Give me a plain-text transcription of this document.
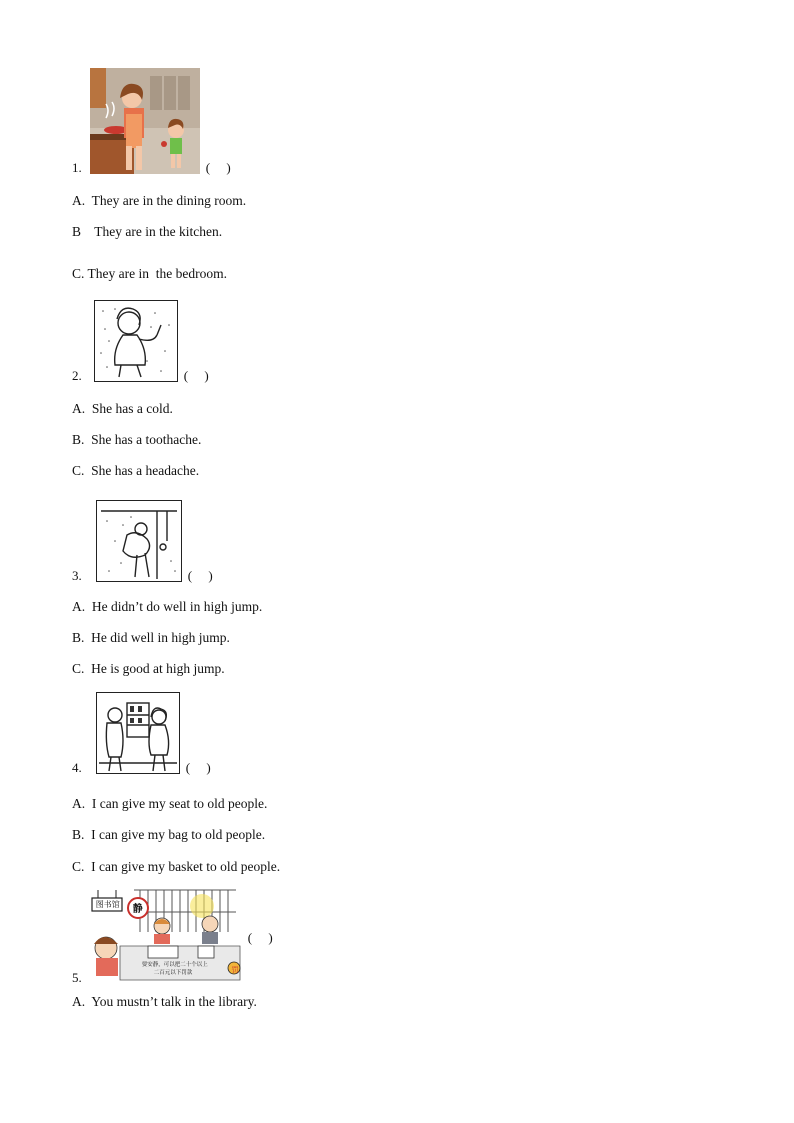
1.	(     )
A.  They are in the dining room.
B    They are in the kitchen.
C. They are in  the bedroom.
2.	(     )
A.  She has a cold.
B.  She has a toothache.
C.  She has a headache.
3.	(     )
A.  He didn’t do well in high jump.
B.  He did well in high jump.
C.  He is good at high jump.
4.	(     )
A.  I can give my seat to old people.
B.  I can give my bag to old people.
C.  I can give my basket to old people.
5.	罚
图书馆	静
要安静，可以把二十个以上
二百元以下罚款
(     )
A.  You mustn’t talk in the library.
